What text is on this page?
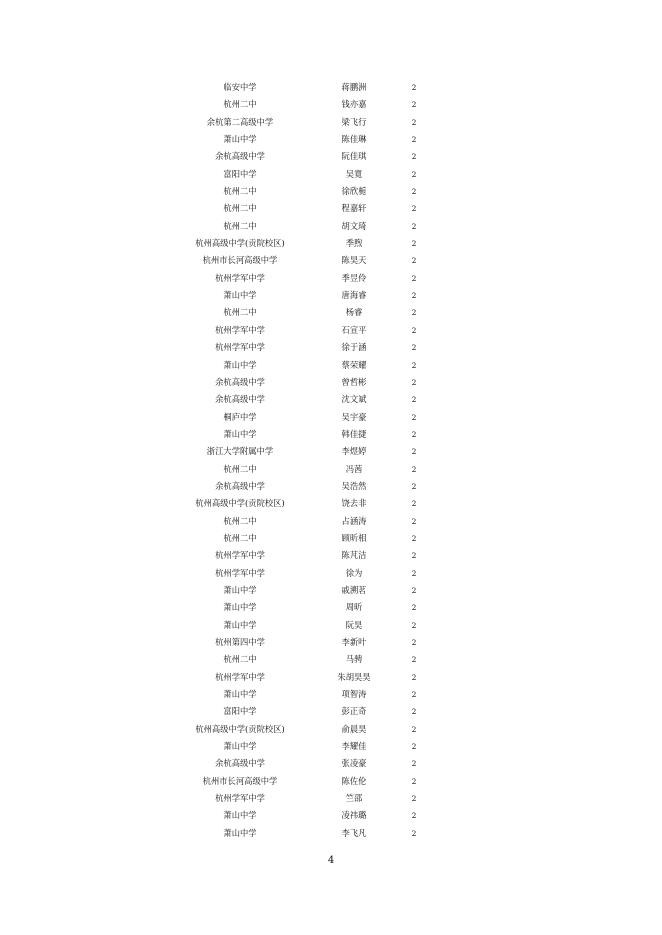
临安中学	蒋鹏洲	2
杭州二中	钱亦嘉	2
余杭第二高级中学	梁飞行	2
萧山中学	陈佳琳	2
余杭高级中学	阮佳琪	2
富阳中学	吴寬	2
杭州二中	徐欣栀	2
杭州二中	程嘉轩	2
杭州二中	胡文琦	2
杭州高级中学(贡院校区)	季煦	2
杭州市长河高级中学	陈昊天	2
杭州学军中学	季昱伶	2
萧山中学	唐海睿	2
杭州二中	杨睿	2
杭州学军中学	石宣平	2
杭州学军中学	徐于涵	2
萧山中学	蔡荣耀	2
余杭高级中学	曾哲彬	2
余杭高级中学	沈文斌	2
桐庐中学	吴宇豪	2
萧山中学	韩佳捷	2
浙江大学附属中学	李煜婷	2
杭州二中	冯茜	2
余杭高级中学	吴浩然	2
杭州高级中学(贡院校区)	饶去非	2
杭州二中	占涵涛	2
杭州二中	顾昕相	2
杭州学军中学	陈芃洁	2
杭州学军中学	徐为	2
萧山中学	戚溯茗	2
萧山中学	周昕	2
萧山中学	阮昊	2
杭州第四中学	李新叶	2
杭州二中	马骋	2
杭州学军中学	朱胡昊昊	2
萧山中学	项智涛	2
富阳中学	彭正奇	2
杭州高级中学(贡院校区)	俞晨昊	2
萧山中学	李耀佳	2
余杭高级中学	张凌豪	2
杭州市长河高级中学	陈佐伦	2
杭州学军中学	竺邵	2
萧山中学	凌祎璐	2
萧山中学	李飞凡	2
4
